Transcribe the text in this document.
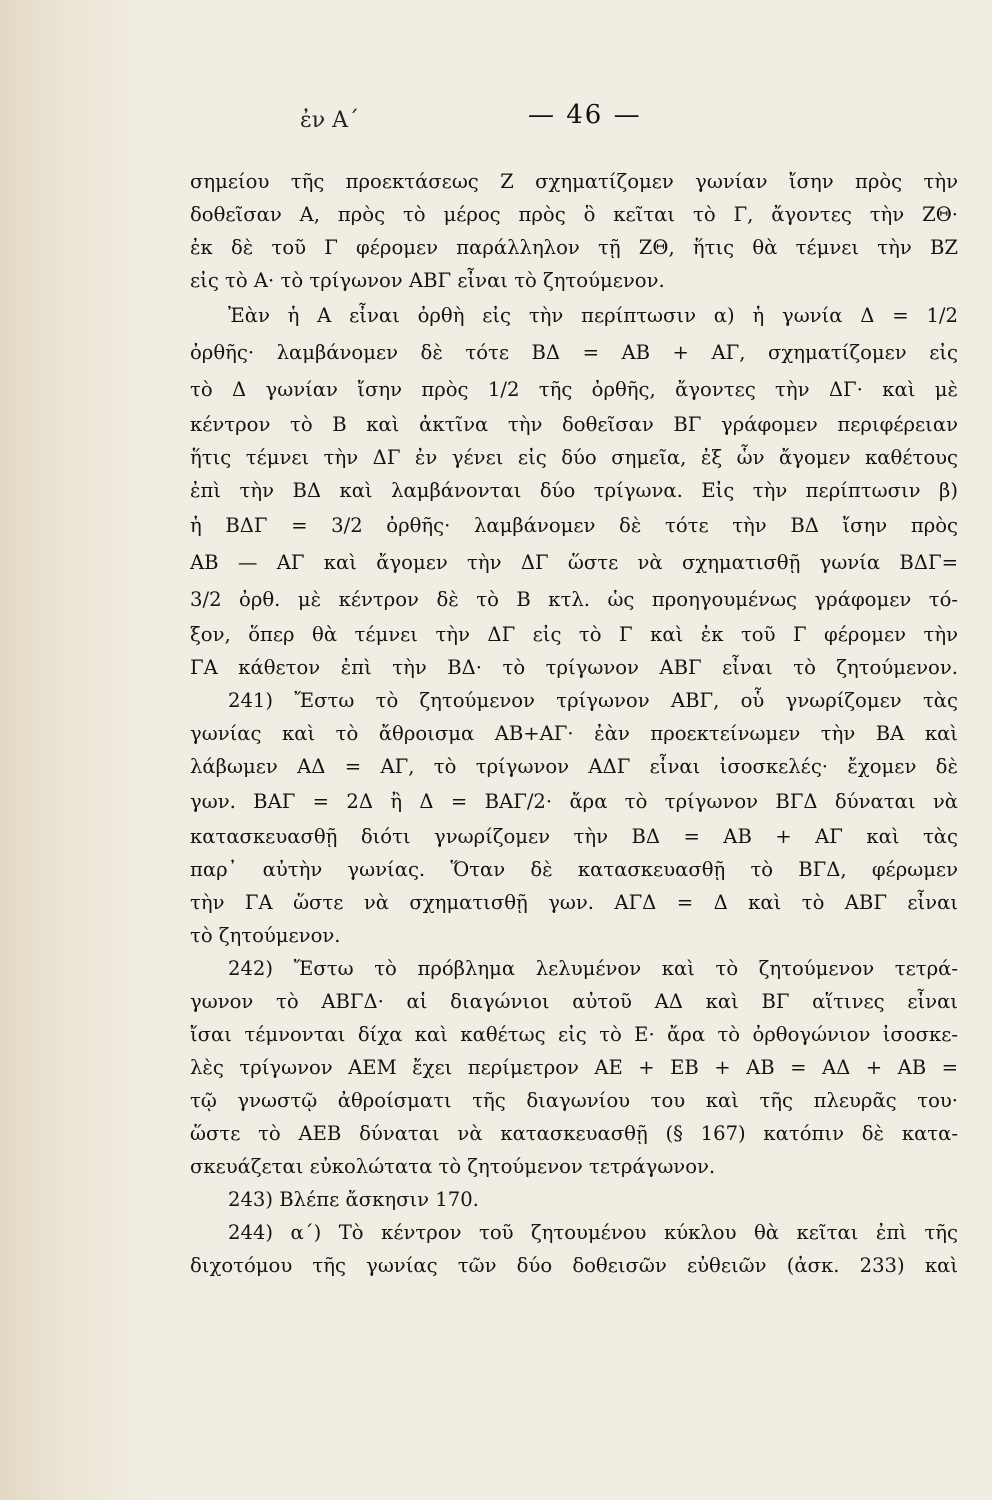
ἐν Α΄	— 46 —
σημείου τῆς προεκτάσεως Ζ σχηματίζομεν γωνίαν ἴσην πρὸς τὴν
δοθεῖσαν Α, πρὸς τὸ μέρος πρὸς ὃ κεῖται τὸ Γ, ἄγοντες τὴν ΖΘ·
ἐκ δὲ τοῦ Γ φέρομεν παράλληλον τῇ ΖΘ, ἥτις θὰ τέμνει τὴν ΒΖ
εἰς τὸ Α· τὸ τρίγωνον ΑΒΓ εἶναι τὸ ζητούμενον.
Ἐὰν ἡ Α εἶναι ὀρθὴ εἰς τὴν περίπτωσιν α) ἡ γωνία Δ = 1/2
ὀρθῆς· λαμβάνομεν δὲ τότε ΒΔ = ΑΒ + ΑΓ, σχηματίζομεν εἰς
τὸ Δ γωνίαν ἴσην πρὸς 1/2 τῆς ὀρθῆς, ἄγοντες τὴν ΔΓ· καὶ μὲ
κέντρον τὸ Β καὶ ἀκτῖνα τὴν δοθεῖσαν ΒΓ γράφομεν περιφέρειαν
ἥτις τέμνει τὴν ΔΓ ἐν γένει εἰς δύο σημεῖα, ἐξ ὧν ἄγομεν καθέτους
ἐπὶ τὴν ΒΔ καὶ λαμβάνονται δύο τρίγωνα. Εἰς τὴν περίπτωσιν β)
ἡ ΒΔΓ = 3/2 ὀρθῆς· λαμβάνομεν δὲ τότε τὴν ΒΔ ἴσην πρὸς
ΑΒ — ΑΓ καὶ ἄγομεν τὴν ΔΓ ὥστε νὰ σχηματισθῇ γωνία ΒΔΓ=
3/2 ὀρθ. μὲ κέντρον δὲ τὸ Β κτλ. ὡς προηγουμένως γράφομεν τό-
ξον, ὅπερ θὰ τέμνει τὴν ΔΓ εἰς τὸ Γ καὶ ἐκ τοῦ Γ φέρομεν τὴν
ΓΑ κάθετον ἐπὶ τὴν ΒΔ· τὸ τρίγωνον ΑΒΓ εἶναι τὸ ζητούμενον.
241) Ἔστω τὸ ζητούμενον τρίγωνον ΑΒΓ, οὗ γνωρίζομεν τὰς
γωνίας καὶ τὸ ἄθροισμα ΑΒ+ΑΓ· ἐὰν προεκτείνωμεν τὴν ΒΑ καὶ
λάβωμεν ΑΔ = ΑΓ, τὸ τρίγωνον ΑΔΓ εἶναι ἰσοσκελές· ἔχομεν δὲ
γων. ΒΑΓ = 2Δ ἢ Δ = ΒΑΓ/2· ἄρα τὸ τρίγωνον ΒΓΔ δύναται νὰ
κατασκευασθῇ διότι γνωρίζομεν τὴν ΒΔ = ΑΒ + ΑΓ καὶ τὰς
παρ᾽ αὐτὴν γωνίας. Ὅταν δὲ κατασκευασθῇ τὸ ΒΓΔ, φέρωμεν
τὴν ΓΑ ὥστε νὰ σχηματισθῇ γων. ΑΓΔ = Δ καὶ τὸ ΑΒΓ εἶναι
τὸ ζητούμενον.
242) Ἔστω τὸ πρόβλημα λελυμένον καὶ τὸ ζητούμενον τετρά-
γωνον τὸ ΑΒΓΔ· αἱ διαγώνιοι αὐτοῦ ΑΔ καὶ ΒΓ αἵτινες εἶναι
ἴσαι τέμνονται δίχα καὶ καθέτως εἰς τὸ Ε· ἄρα τὸ ὀρθογώνιον ἰσοσκε-
λὲς τρίγωνον ΑΕΜ ἔχει περίμετρον ΑΕ + ΕΒ + ΑΒ = ΑΔ + ΑΒ =
τῷ γνωστῷ ἀθροίσματι τῆς διαγωνίου του καὶ τῆς πλευρᾶς του·
ὥστε τὸ ΑΕΒ δύναται νὰ κατασκευασθῇ (§ 167) κατόπιν δὲ κατα-
σκευάζεται εὐκολώτατα τὸ ζητούμενον τετράγωνον.
243) Βλέπε ἄσκησιν 170.
244) α΄) Τὸ κέντρον τοῦ ζητουμένου κύκλου θὰ κεῖται ἐπὶ τῆς
διχοτόμου τῆς γωνίας τῶν δύο δοθεισῶν εὐθειῶν (ἀσκ. 233) καὶ
